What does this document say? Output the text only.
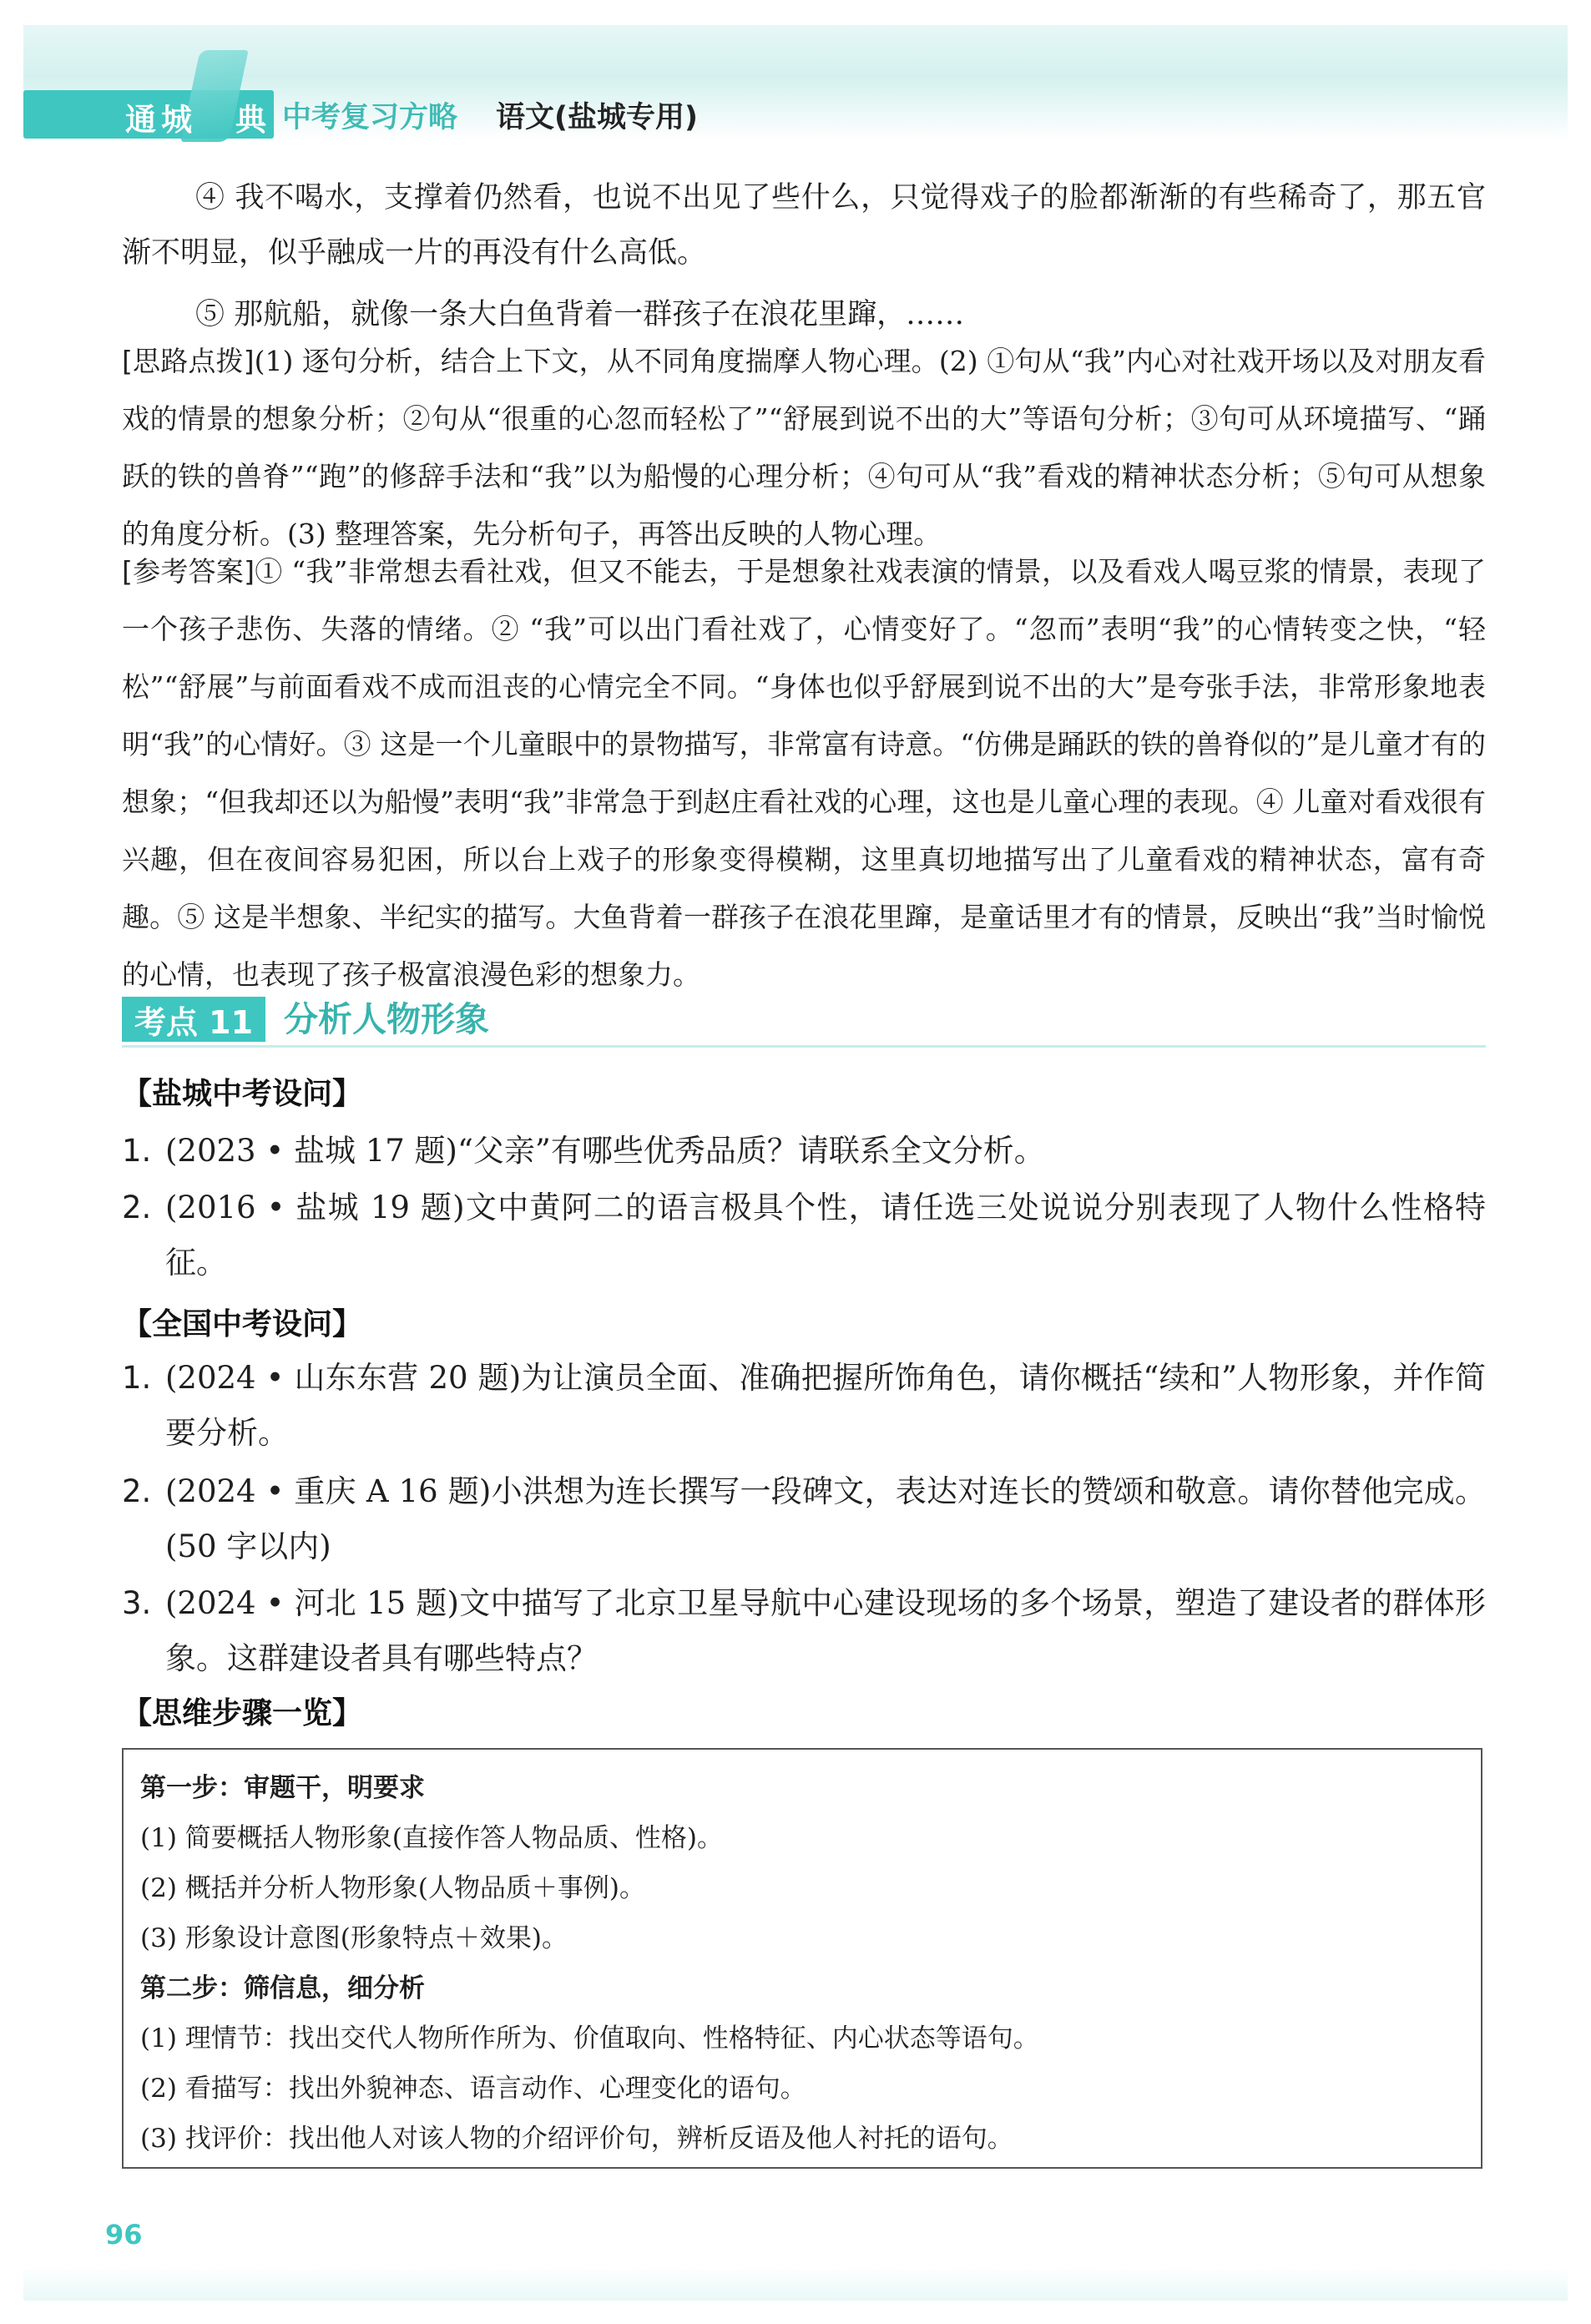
通城 典 中考复习方略 语文(盐城专用)
④ 我不喝水，支撑着仍然看，也说不出见了些什么，只觉得戏子的脸都渐渐的有些稀奇了，那五官渐不明显，似乎融成一片的再没有什么高低。
⑤ 那航船，就像一条大白鱼背着一群孩子在浪花里蹿，……
[思路点拨](1) 逐句分析，结合上下文，从不同角度揣摩人物心理。(2) ①句从“我”内心对社戏开场以及对朋友看戏的情景的想象分析；②句从“很重的心忽而轻松了”“舒展到说不出的大”等语句分析；③句可从环境描写、“踊跃的铁的兽脊”“跑”的修辞手法和“我”以为船慢的心理分析；④句可从“我”看戏的精神状态分析；⑤句可从想象的角度分析。(3) 整理答案，先分析句子，再答出反映的人物心理。
[参考答案]① “我”非常想去看社戏，但又不能去，于是想象社戏表演的情景，以及看戏人喝豆浆的情景，表现了一个孩子悲伤、失落的情绪。② “我”可以出门看社戏了，心情变好了。“忽而”表明“我”的心情转变之快，“轻松”“舒展”与前面看戏不成而沮丧的心情完全不同。“身体也似乎舒展到说不出的大”是夸张手法，非常形象地表明“我”的心情好。③ 这是一个儿童眼中的景物描写，非常富有诗意。“仿佛是踊跃的铁的兽脊似的”是儿童才有的想象；“但我却还以为船慢”表明“我”非常急于到赵庄看社戏的心理，这也是儿童心理的表现。④ 儿童对看戏很有兴趣，但在夜间容易犯困，所以台上戏子的形象变得模糊，这里真切地描写出了儿童看戏的精神状态，富有奇趣。⑤ 这是半想象、半纪实的描写。大鱼背着一群孩子在浪花里蹿，是童话里才有的情景，反映出“我”当时愉悦的心情，也表现了孩子极富浪漫色彩的想象力。
考点 11 分析人物形象
【盐城中考设问】
1. (2023 • 盐城 17 题)“父亲”有哪些优秀品质？请联系全文分析。
2. (2016 • 盐城 19 题)文中黄阿二的语言极具个性，请任选三处说说分别表现了人物什么性格特征。
【全国中考设问】
1. (2024 • 山东东营 20 题)为让演员全面、准确把握所饰角色，请你概括“续和”人物形象，并作简要分析。
2. (2024 • 重庆 A 16 题)小洪想为连长撰写一段碑文，表达对连长的赞颂和敬意。请你替他完成。(50 字以内)
3. (2024 • 河北 15 题)文中描写了北京卫星导航中心建设现场的多个场景，塑造了建设者的群体形象。这群建设者具有哪些特点？
【思维步骤一览】
第一步：审题干，明要求
(1) 简要概括人物形象(直接作答人物品质、性格)。
(2) 概括并分析人物形象(人物品质＋事例)。
(3) 形象设计意图(形象特点＋效果)。
第二步：筛信息，细分析
(1) 理情节：找出交代人物所作所为、价值取向、性格特征、内心状态等语句。
(2) 看描写：找出外貌神态、语言动作、心理变化的语句。
(3) 找评价：找出他人对该人物的介绍评价句，辨析反语及他人衬托的语句。
96
